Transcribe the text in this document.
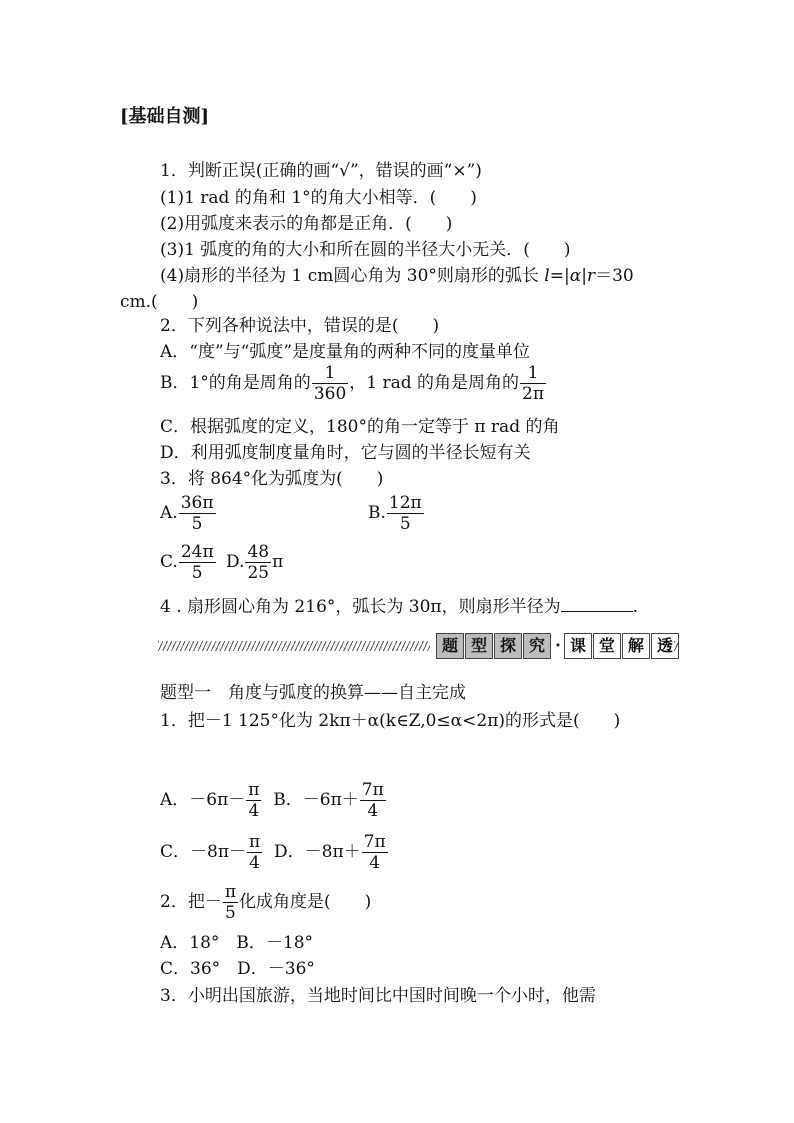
[基础自测]
1．判断正误(正确的画“√”，错误的画“×”)
(1)1 rad 的角和 1°的角大小相等．(　　)
(2)用弧度来表示的角都是正角．(　　)
(3)1 弧度的角的大小和所在圆的半径大小无关．(　　)
(4)扇形的半径为 1 cm圆心角为 30°则扇形的弧长 l=|α|r＝30
cm.(　　)
2．下列各种说法中，错误的是(　　)
A．“度”与“弧度”是度量角的两种不同的度量单位
B．1°的角是周角的 $\frac{1}{360}$ ，1 rad 的角是周角的 $\frac{1}{2\pi}$
C．根据弧度的定义，180°的角一定等于 π rad 的角
D．利用弧度制度量角时，它与圆的半径长短有关
3．将 864°化为弧度为(　　)
A. $\frac{36\pi}{5}$	B. $\frac{12\pi}{5}$
C. $\frac{24\pi}{5} D$. $\frac{48}{25}$ π
4 . 扇形圆心角为 216°，弧长为 30π，则扇形半径为	.
题 型 探 究 · 课 堂 解 透
题型一　角度与弧度的换算——自主完成
1．把－1 125°化为 2kπ＋α(k∈Z,0≤α<2π)的形式是(　　)
A．$-6\pi- \frac{\pi}{4}$ B．$-6\pi+ \frac{7\pi}{4}$
C．$-8\pi- \frac{\pi}{4}$ D．$-8\pi+ \frac{7\pi}{4}$
2．把－ $\frac{\pi}{5}$ 化成角度是(　　)
A．18°　B．－18°
C．36°　D．－36°
3．小明出国旅游，当地时间比中国时间晚一个小时，他需
